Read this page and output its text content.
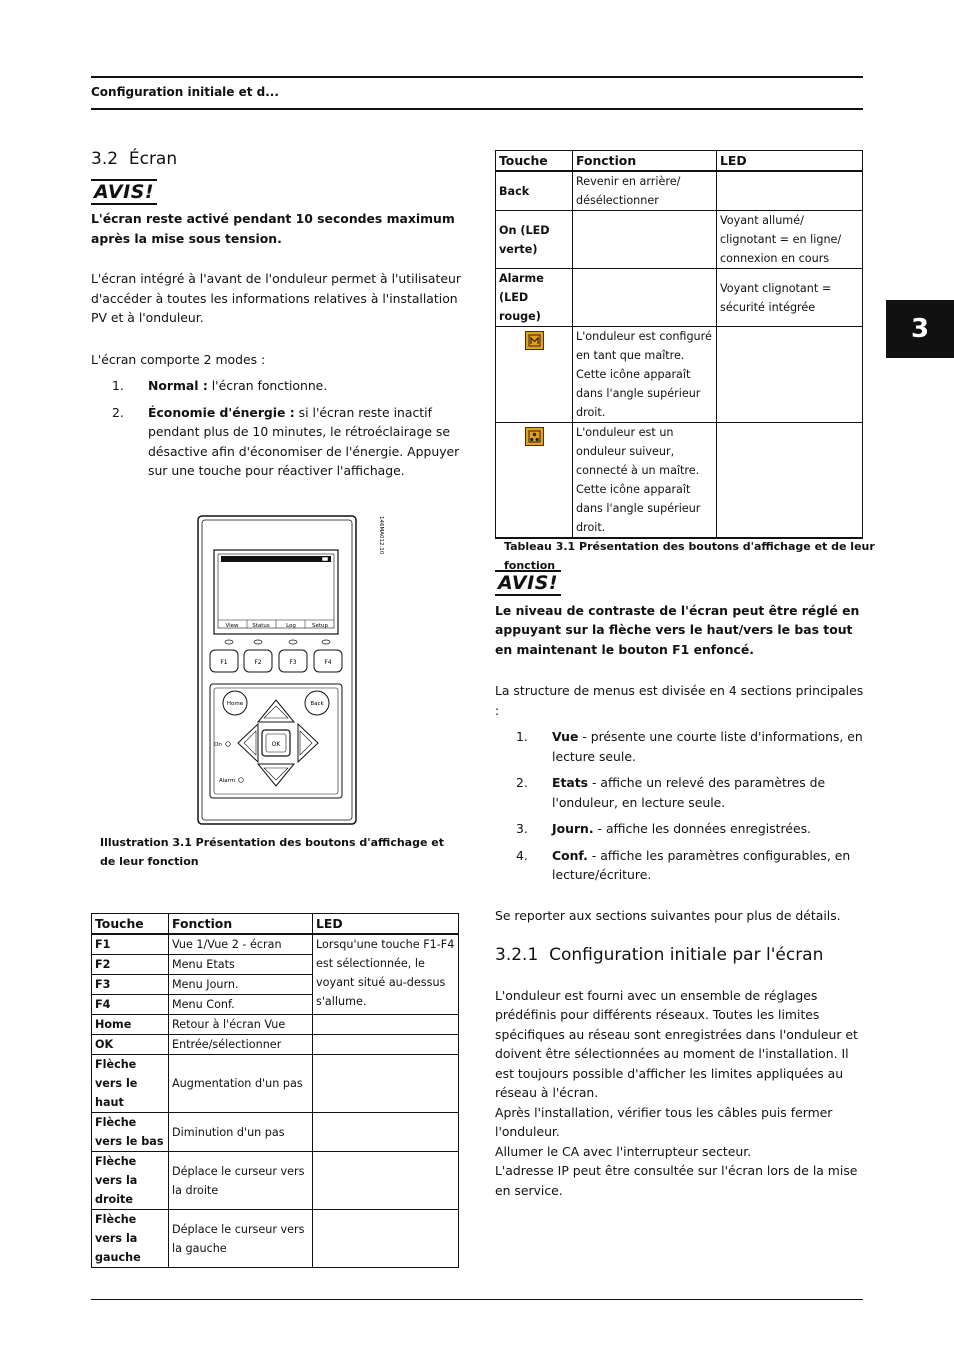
Configuration initiale et d...
3
3.2 Écran
AVIS!

L'écran reste activé pendant 10 secondes maximum après la mise sous tension.

L'écran intégré à l'avant de l'onduleur permet à l'utilisateur d'accéder à toutes les informations relatives à l'installation PV et à l'onduleur.

L'écran comporte 2 modes :

1. Normal : l'écran fonctionne.
2. Économie d'énergie : si l'écran reste inactif pendant plus de 10 minutes, le rétroéclairage se désactive afin d'économiser de l'énergie. Appuyer sur une touche pour réactiver l'affichage.
View Status	Log	Setup
F1	F2	F3	F4
Home	Back
OK
On
Alarm
146MA012.10
Illustration 3.1 Présentation des boutons d'affichage et de leur fonction
Touche	Fonction	LED
F1	Vue 1/Vue 2 - écran	Lorsqu'une touche F1-F4 est sélectionnée, le voyant situé au-dessus s'allume.
F2	Menu Etats	
F3	Menu Journ.	
F4	Menu Conf.	
Home	Retour à l'écran Vue	
OK	Entrée/sélectionner	
Flèche vers le haut	Augmentation d'un pas	
Flèche vers le bas	Diminution d'un pas	
Flèche vers la droite	Déplace le curseur vers la droite	
Flèche vers la gauche	Déplace le curseur vers la gauche	
Touche	Fonction	LED
Back	Revenir en arrière/ désélectionner	
On (LED verte)		Voyant allumé/ clignotant = en ligne/ connexion en cours
Alarme (LED rouge)		Voyant clignotant = sécurité intégrée

	L'onduleur est configuré en tant que maître. Cette icône apparaît dans l'angle supérieur droit.	

	L'onduleur est un onduleur suiveur, connecté à un maître. Cette icône apparaît dans l'angle supérieur droit.	
Tableau 3.1 Présentation des boutons d'affichage et de leur fonction
AVIS!

Le niveau de contraste de l'écran peut être réglé en appuyant sur la flèche vers le haut/vers le bas tout en maintenant le bouton F1 enfoncé.

La structure de menus est divisée en 4 sections principales :

1. Vue - présente une courte liste d'informations, en lecture seule.
2. Etats - affiche un relevé des paramètres de l'onduleur, en lecture seule.
3. Journ. - affiche les données enregistrées.
4. Conf. - affiche les paramètres configurables, en lecture/écriture.

Se reporter aux sections suivantes pour plus de détails.

3.2.1 Configuration initiale par l'écran

L'onduleur est fourni avec un ensemble de réglages prédéfinis pour différents réseaux. Toutes les limites spécifiques au réseau sont enregistrées dans l'onduleur et doivent être sélectionnées au moment de l'installation. Il est toujours possible d'afficher les limites appliquées au réseau à l'écran.

Après l'installation, vérifier tous les câbles puis fermer l'onduleur.

Allumer le CA avec l'interrupteur secteur.

L'adresse IP peut être consultée sur l'écran lors de la mise en service.
